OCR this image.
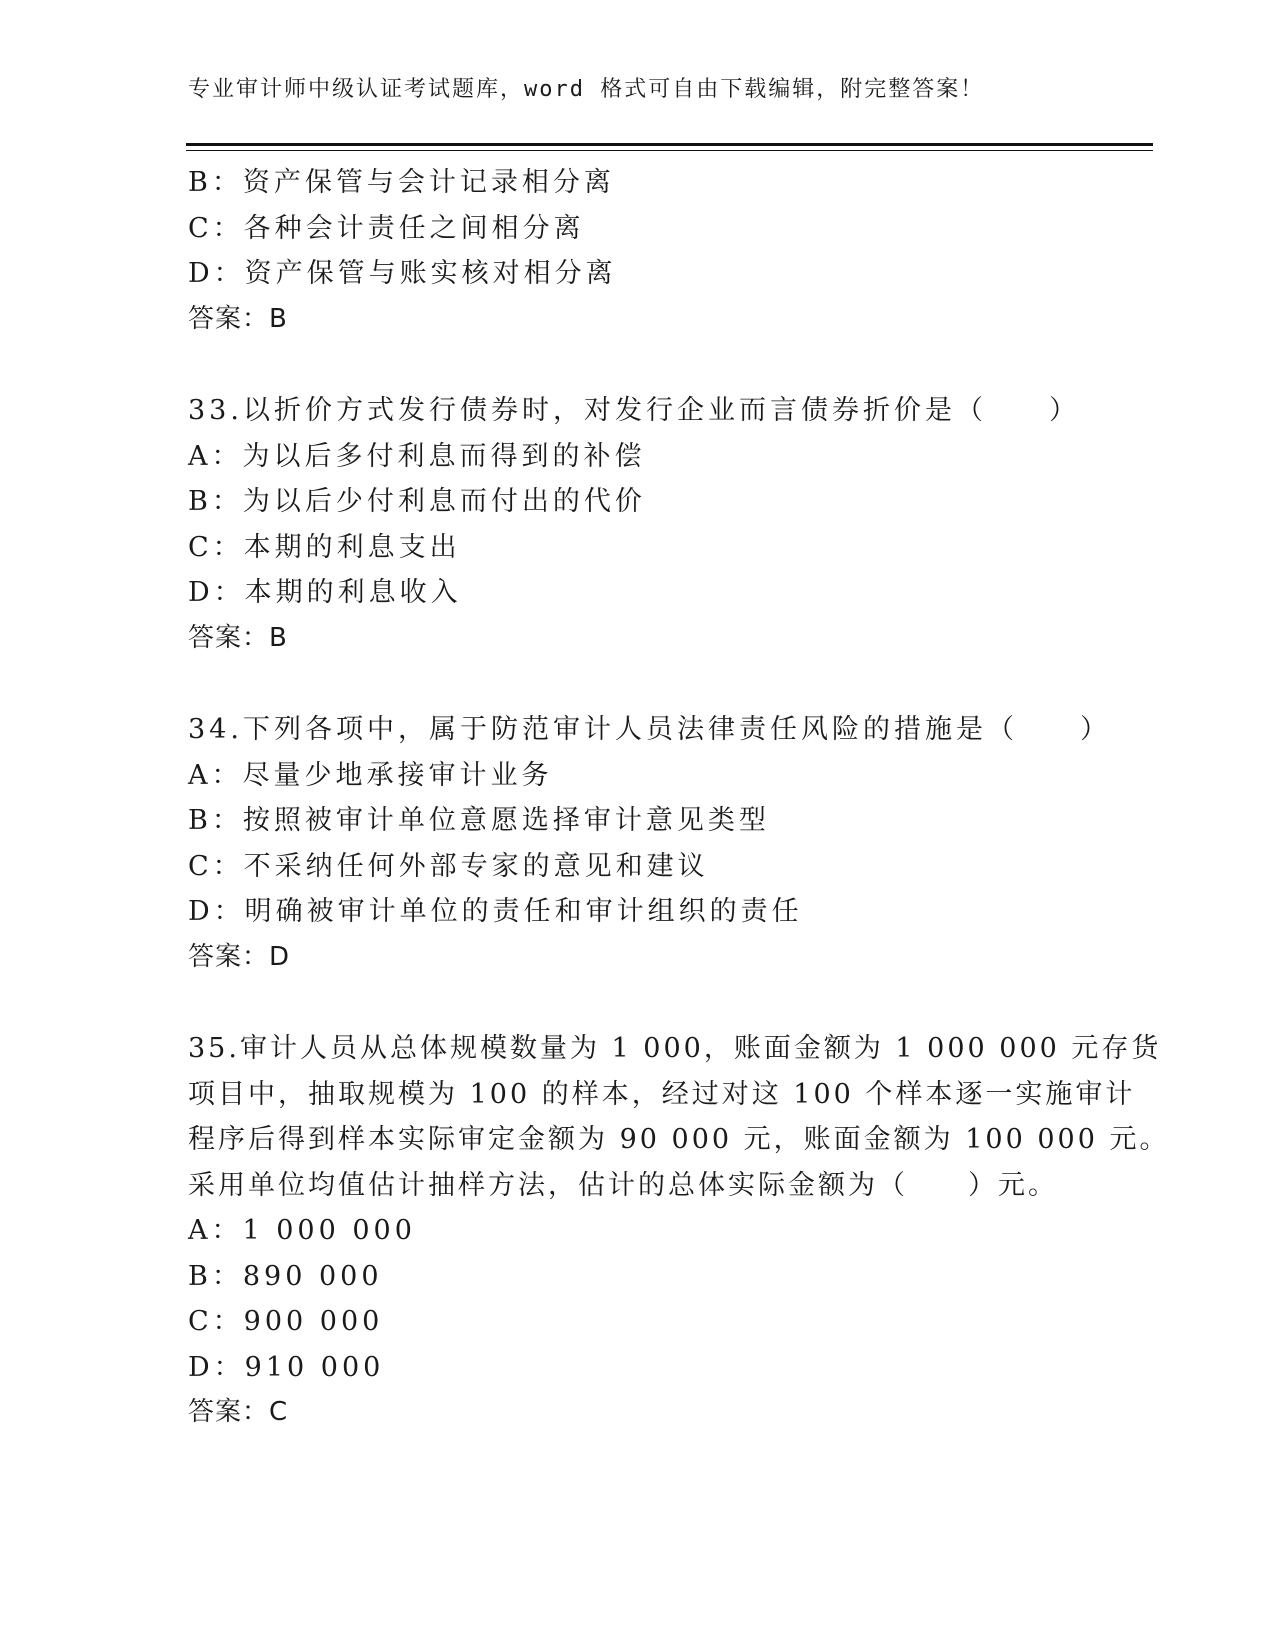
专业审计师中级认证考试题库，word 格式可自由下载编辑，附完整答案！
B：资产保管与会计记录相分离
C：各种会计责任之间相分离
D：资产保管与账实核对相分离
答案：B
33.以折价方式发行债券时，对发行企业而言债券折价是（　　）
A：为以后多付利息而得到的补偿
B：为以后少付利息而付出的代价
C：本期的利息支出
D：本期的利息收入
答案：B
34.下列各项中，属于防范审计人员法律责任风险的措施是（　　）
A：尽量少地承接审计业务
B：按照被审计单位意愿选择审计意见类型
C：不采纳任何外部专家的意见和建议
D：明确被审计单位的责任和审计组织的责任
答案：D
35.审计人员从总体规模数量为 1 000，账面金额为 1 000 000 元存货
项目中，抽取规模为 100 的样本，经过对这 100 个样本逐一实施审计
程序后得到样本实际审定金额为 90 000 元，账面金额为 100 000 元。
采用单位均值估计抽样方法，估计的总体实际金额为（　　）元。
A：1 000 000
B：890 000
C：900 000
D：910 000
答案：C
